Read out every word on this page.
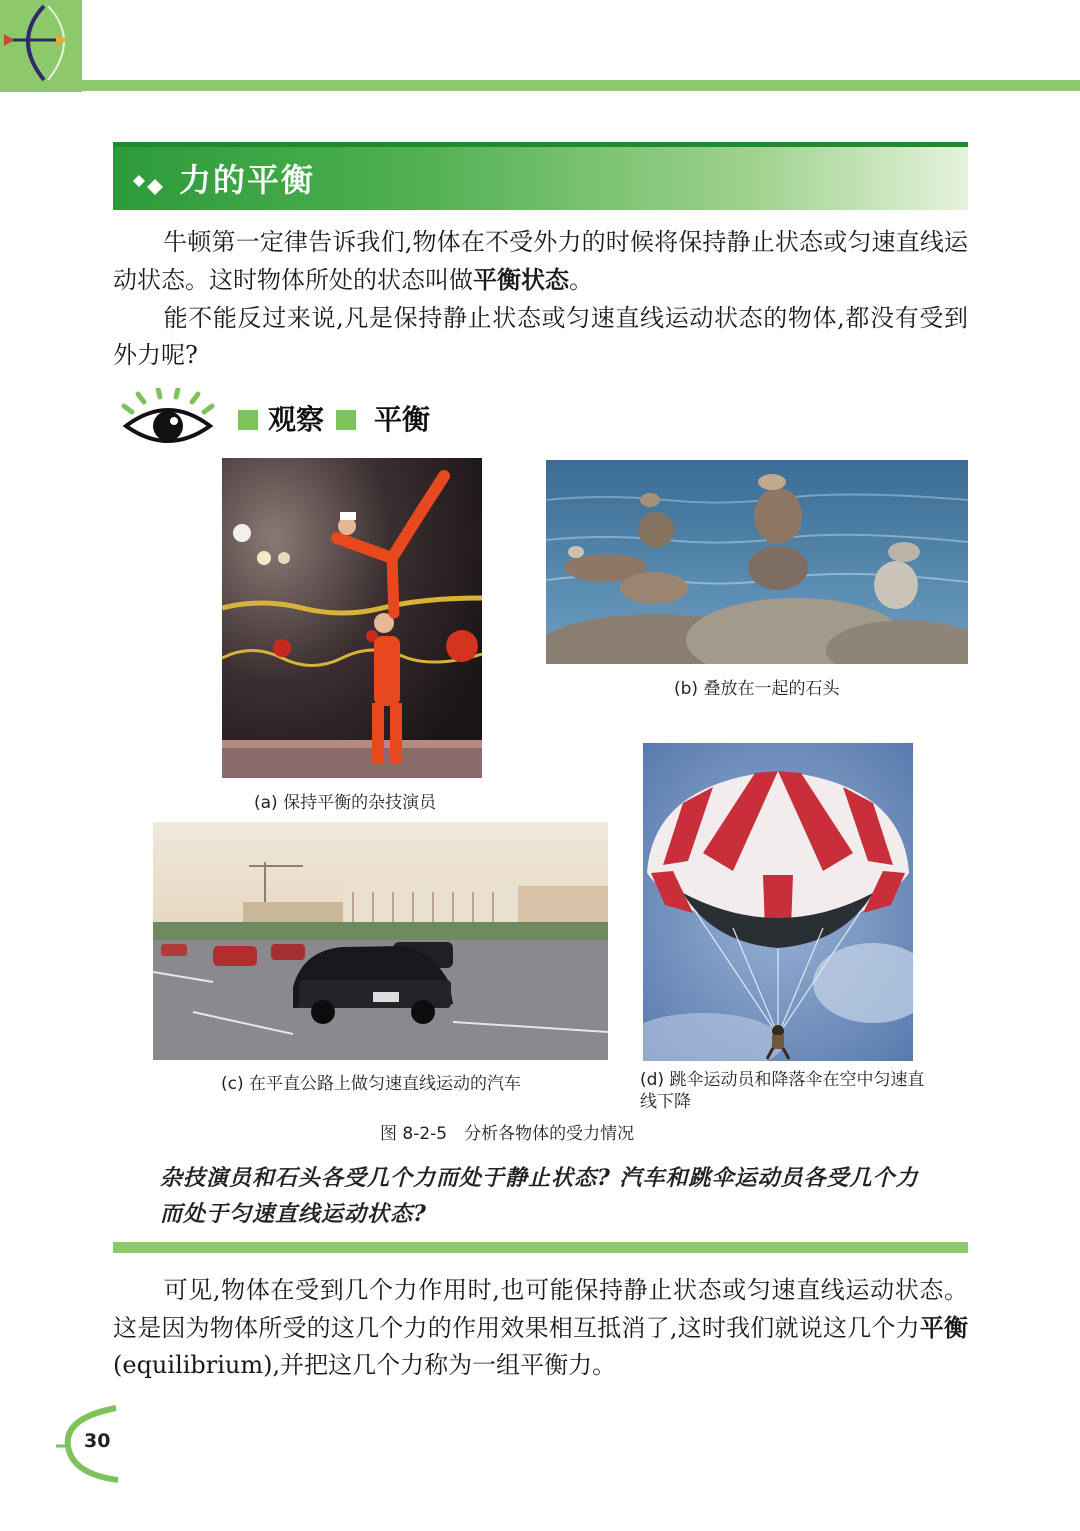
力的平衡
牛顿第一定律告诉我们,物体在不受外力的时候将保持静止状态或匀速直线运动状态。这时物体所处的状态叫做平衡状态。
能不能反过来说,凡是保持静止状态或匀速直线运动状态的物体,都没有受到外力呢?
观察 平衡
(a) 保持平衡的杂技演员
(b) 叠放在一起的石头
(c) 在平直公路上做匀速直线运动的汽车	(d) 跳伞运动员和降落伞在空中匀速直线下降
图 8-2-5　分析各物体的受力情况
杂技演员和石头各受几个力而处于静止状态? 汽车和跳伞运动员各受几个力而处于匀速直线运动状态?
可见,物体在受到几个力作用时,也可能保持静止状态或匀速直线运动状态。这是因为物体所受的这几个力的作用效果相互抵消了,这时我们就说这几个力平衡(equilibrium),并把这几个力称为一组平衡力。
30
